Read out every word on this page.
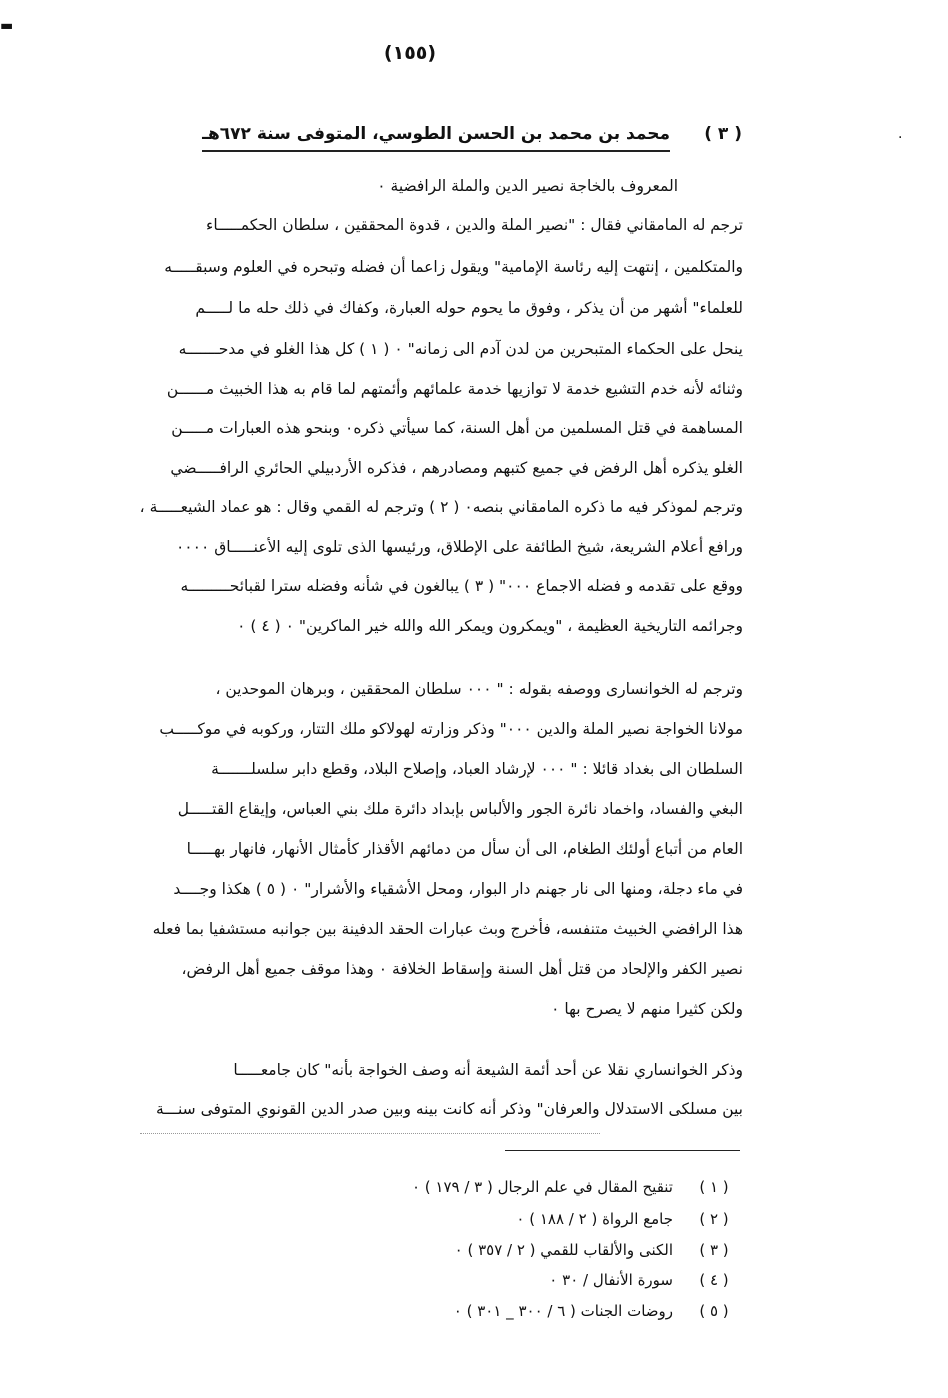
▬
·
(١٥٥)
( ٣ )
محمد بن محمد بن الحسن الطوسي، المتوفى سنة ٦٧٢هـ
المعروف بالخاجة نصير الدين والملة الرافضية ٠
ترجم له المامقاني فقال : "نصير الملة والدين ، قدوة المحققين ، سلطان الحكمـــــاء
والمتكلمين ، إنتهت إليه رئاسة الإمامية" ويقول زاعما أن فضله وتبحره في العلوم وسبقـــــه
للعلماء" أشهر من أن يذكر ، وفوق ما يحوم حوله العبارة، وكفاك في ذلك حله ما لـــــم
ينحل على الحكماء المتبحرين من لدن آدم الى زمانه" ٠ ( ١ ) كل هذا الغلو في مدحـــــــه
وثنائه لأنه خدم التشيع خدمة لا توازيها خدمة علمائهم وأئمتهم لما قام به هذا الخبيث مــــــن
المساهمة في قتل المسلمين من أهل السنة، كما سيأتي ذكره٠ وبنحو هذه العبارات مـــــن
الغلو يذكره أهل الرفض في جميع كتبهم ومصادرهم ، فذكره الأردبيلي الحائري الرافـــــضي
وترجم لموذكر فيه ما ذكره المامقاني بنصه٠ ( ٢ ) وترجم له القمي وقال : هو عماد الشيعـــــة ،
ورافع أعلام الشريعة، شيخ الطائفة على الإطلاق، ورئيسها الذى تلوى إليه الأعنـــــاق ٠٠٠٠
ووقع على تقدمه و فضله الاجماع ٠٠٠" ( ٣ ) يبالغون في شأنه وفضله سترا لقبائحـــــــــه
وجرائمه التاريخية العظيمة ، "ويمكرون ويمكر الله والله خير الماكرين" ٠ ( ٤ ) ٠
وترجم له الخوانسارى ووصفه بقوله : " ٠٠٠ سلطان المحققين ، وبرهان الموحدين ،
مولانا الخواجة نصير الملة والدين ٠٠٠" وذكر وزارته لهولاكو ملك التتار، وركوبه في موكـــــب
السلطان الى بغداد قائلا : " ٠٠٠ لإرشاد العباد، وإصلاح البلاد، وقطع دابر سلسلـــــــة
البغي والفساد، واخماد نائرة الجور والألباس بإبداد دائرة ملك بني العباس، وإيقاع القتـــــل
العام من أتباع أولئك الطغام، الى أن سأل من دمائهم الأقذار كأمثال الأنهار، فانهار بهـــــا
في ماء دجلة، ومنها الى نار جهنم دار البوار، ومحل الأشقياء والأشرار" ٠ ( ٥ ) هكذا وجــــد
هذا الرافضي الخبيث متنفسه، فأخرج وبث عبارات الحقد الدفينة بين جوانبه مستشفيا بما فعله
نصير الكفر والإلحاد من قتل أهل السنة وإسقاط الخلافة ٠ وهذا موقف جميع أهل الرفض،
ولكن كثيرا منهم لا يصرح بها ٠
وذكر الخوانساري نقلا عن أحد أئمة الشيعة أنه وصف الخواجة بأنه" كان جامعـــــا
بين مسلكى الاستدلال والعرفان" وذكر أنه كانت بينه وبين صدر الدين القونوي المتوفى سنـــة
( ١ )تنقيح المقال في علم الرجال ( ٣ / ١٧٩ ) ٠
( ٢ )جامع الرواة ( ٢ / ١٨٨ ) ٠
( ٣ )الكنى والألقاب للقمي ( ٢ / ٣٥٧ ) ٠
( ٤ )سورة الأنفال / ٣٠ ٠
( ٥ )روضات الجنات ( ٦ / ٣٠٠ _ ٣٠١ ) ٠
